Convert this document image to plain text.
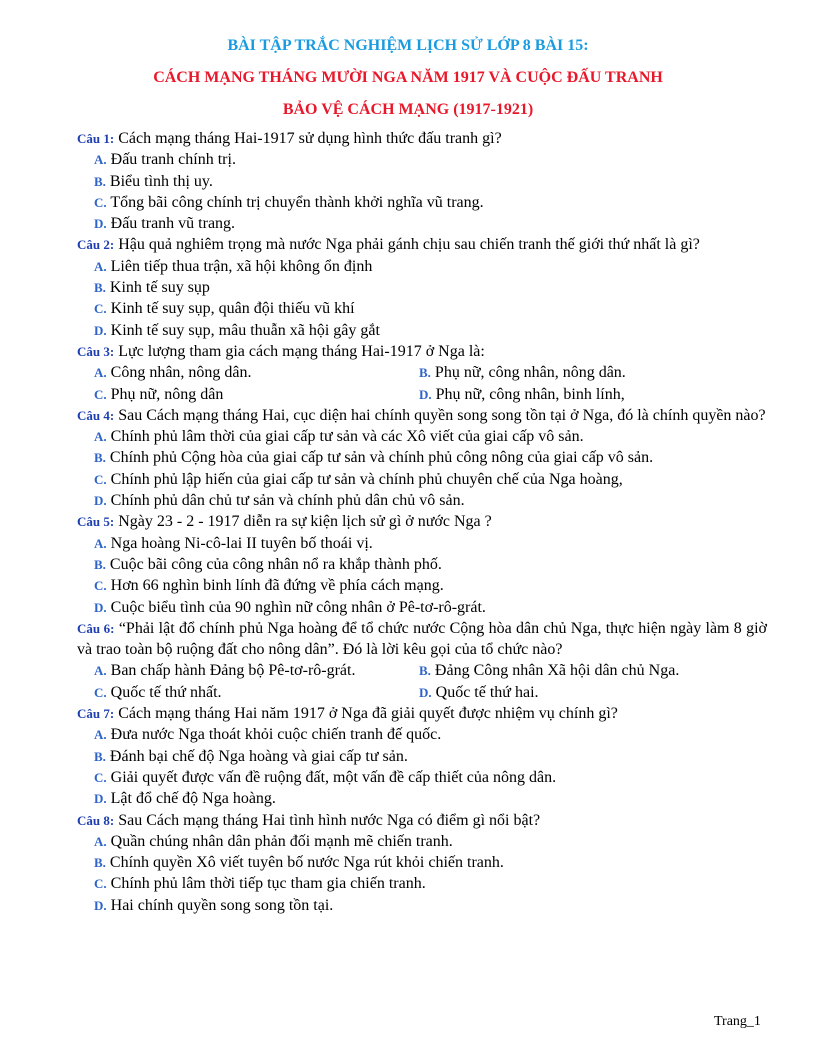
BÀI TẬP TRẮC NGHIỆM LỊCH SỬ LỚP 8 BÀI 15:

CÁCH MẠNG THÁNG MƯỜI NGA NĂM 1917 VÀ CUỘC ĐẤU TRANH

BẢO VỆ CÁCH MẠNG (1917-1921)

Câu 1: Cách mạng tháng Hai-1917 sử dụng hình thức đấu tranh gì?
A. Đấu tranh chính trị.
B. Biểu tình thị uy.
C. Tổng bãi công chính trị chuyển thành khởi nghĩa vũ trang.
D. Đấu tranh vũ trang.
Câu 2: Hậu quả nghiêm trọng mà nước Nga phải gánh chịu sau chiến tranh thế giới thứ nhất là gì?
A. Liên tiếp thua trận, xã hội không ổn định
B. Kinh tế suy sụp
C. Kinh tế suy sụp, quân đội thiếu vũ khí
D. Kinh tế suy sụp, mâu thuẫn xã hội gây gắt
Câu 3: Lực lượng tham gia cách mạng tháng Hai-1917 ở Nga là:
A. Công nhân, nông dân.	B. Phụ nữ, công nhân, nông dân.
C. Phụ nữ, nông dân	D. Phụ nữ, công nhân, binh lính,
Câu 4: Sau Cách mạng tháng Hai, cục diện hai chính quyền song song tồn tại ở Nga, đó là chính quyền nào?
A. Chính phủ lâm thời của giai cấp tư sản và các Xô viết của giai cấp vô sản.
B. Chính phủ Cộng hòa của giai cấp tư sản và chính phủ công nông của giai cấp vô sản.
C. Chính phủ lập hiến của giai cấp tư sản và chính phủ chuyên chế của Nga hoàng,
D. Chính phủ dân chủ tư sản và chính phủ dân chủ vô sản.
Câu 5: Ngày 23 - 2 - 1917 diễn ra sự kiện lịch sử gì ở nước Nga ?
A. Nga hoàng Ni-cô-lai II tuyên bố thoái vị.
B. Cuộc bãi công của công nhân nổ ra khắp thành phố.
C. Hơn 66 nghìn binh lính đã đứng về phía cách mạng.
D. Cuộc biểu tình của 90 nghìn nữ công nhân ở Pê-tơ-rô-grát.
Câu 6: “Phải lật đổ chính phủ Nga hoàng để tổ chức nước Cộng hòa dân chủ Nga, thực hiện ngày làm 8 giờ và trao toàn bộ ruộng đất cho nông dân”. Đó là lời kêu gọi của tổ chức nào?
A. Ban chấp hành Đảng bộ Pê-tơ-rô-grát.	B. Đảng Công nhân Xã hội dân chủ Nga.
C. Quốc tế thứ nhất.	D. Quốc tế thứ hai.
Câu 7: Cách mạng tháng Hai năm 1917 ở Nga đã giải quyết được nhiệm vụ chính gì?
A. Đưa nước Nga thoát khỏi cuộc chiến tranh đế quốc.
B. Đánh bại chế độ Nga hoàng và giai cấp tư sản.
C. Giải quyết được vấn đề ruộng đất, một vấn đề cấp thiết của nông dân.
D. Lật đổ chế độ Nga hoàng.
Câu 8: Sau Cách mạng tháng Hai tình hình nước Nga có điểm gì nổi bật?
A. Quần chúng nhân dân phản đối mạnh mẽ chiến tranh.
B. Chính quyền Xô viết tuyên bố nước Nga rút khỏi chiến tranh.
C. Chính phủ lâm thời tiếp tục tham gia chiến tranh.
D. Hai chính quyền song song tồn tại.
Trang_1
